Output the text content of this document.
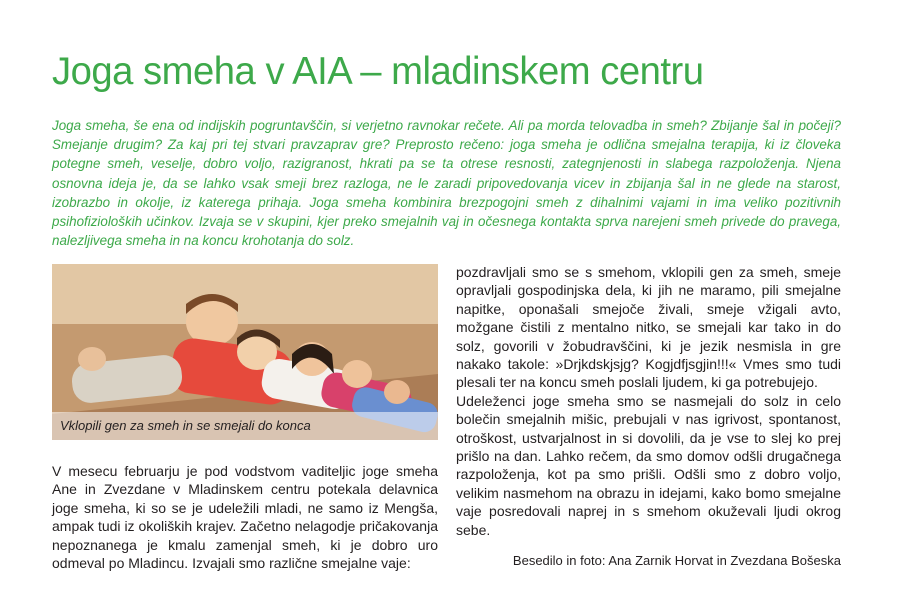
Joga smeha v AIA – mladinskem centru

Joga smeha, še ena od indijskih pogruntavščin, si verjetno ravnokar rečete. Ali pa morda telovadba in smeh? Zbijanje šal in počeji? Smejanje drugim? Za kaj pri tej stvari pravzaprav gre? Preprosto rečeno: joga smeha je odlična smejalna terapija, ki iz človeka potegne smeh, veselje, dobro voljo, razigranost, hkrati pa se ta otrese resnosti, zategnjenosti in slabega razpoloženja. Njena osnovna ideja je, da se lahko vsak smeji brez razloga, ne le zaradi pripovedovanja vicev in zbijanja šal in ne glede na starost, izobrazbo in okolje, iz katerega prihaja. Joga smeha kombinira brezpogojni smeh z dihalnimi vajami in ima veliko pozitivnih psihofizioloških učinkov. Izvaja se v skupini, kjer preko smejalnih vaj in očesnega kontakta sprva narejeni smeh privede do pravega, nalezljivega smeha in na koncu krohotanja do solz.

Vklopili gen za smeh in se smejali do konca

V mesecu februarju je pod vodstvom vaditeljic joge smeha Ane in Zvezdane v Mladinskem centru potekala delavnica joge smeha, ki so se je udeležili mladi, ne samo iz Mengša, ampak tudi iz okoliških krajev. Začetno nelagodje pričakovanja nepoznanega je kmalu zamenjal smeh, ki je dobro uro odmeval po Mladincu. Izvajali smo različne smejalne vaje:

pozdravljali smo se s smehom, vklopili gen za smeh, smeje opravljali gospodinjska dela, ki jih ne maramo, pili smejalne napitke, oponašali smejoče živali, smeje vžigali avto, možgane čistili z mentalno nitko, se smejali kar tako in do solz, govorili v žobudravščini, ki je jezik nesmisla in gre nakako takole: »Drjkdskjsjg? Kogjdfjsgjin!!!« Vmes smo tudi plesali ter na koncu smeh poslali ljudem, ki ga potrebujejo.

Udeleženci joge smeha smo se nasmejali do solz in celo bolečin smejalnih mišic, prebujali v nas igrivost, spontanost, otroškost, ustvarjalnost in si dovolili, da je vse to slej ko prej prišlo na dan. Lahko rečem, da smo domov odšli drugačnega razpoloženja, kot pa smo prišli. Odšli smo z dobro voljo, velikim nasmehom na obrazu in idejami, kako bomo smejalne vaje posredovali naprej in s smehom okuževali ljudi okrog sebe.

Besedilo in foto: Ana Zarnik Horvat in Zvezdana Bošeska
